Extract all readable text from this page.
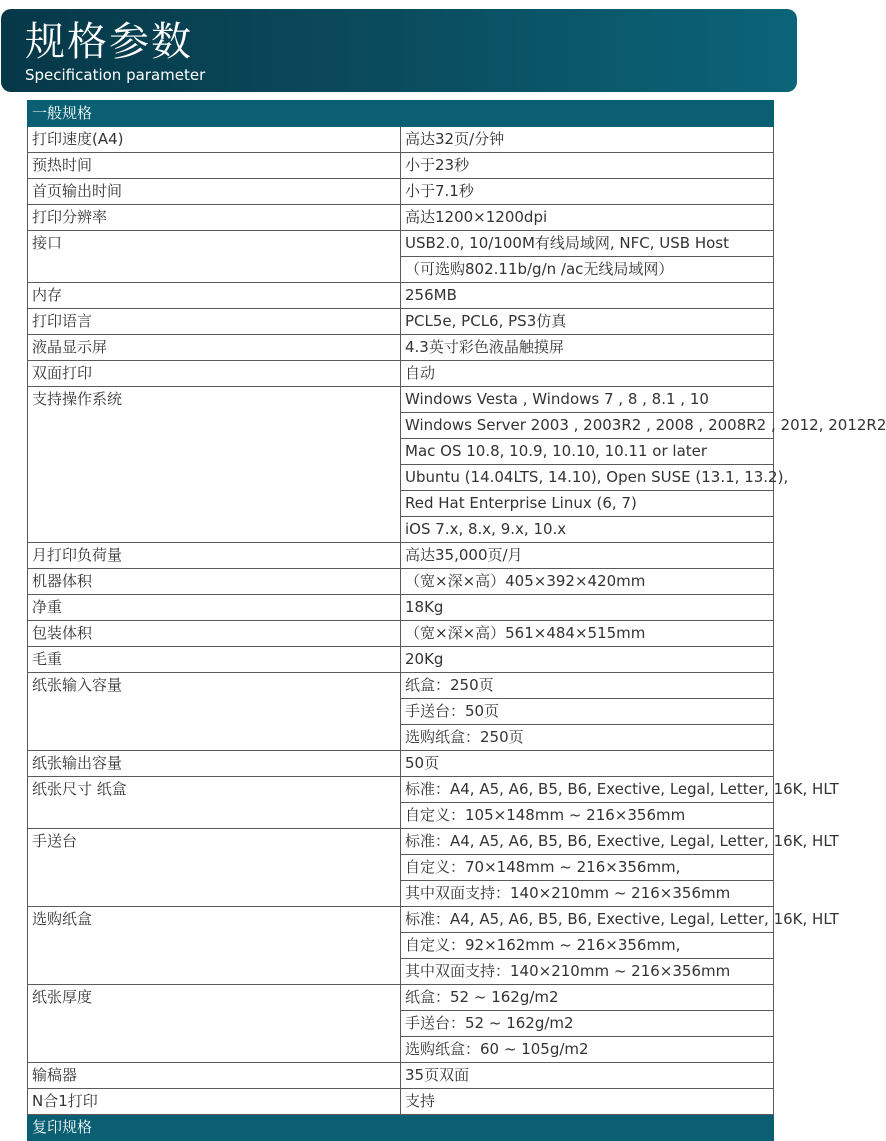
规格参数
Specification parameter
一般规格	
打印速度(A4)	高达32页/分钟
预热时间	小于23秒
首页输出时间	小于7.1秒
打印分辨率	高达1200×1200dpi
接口	USB2.0, 10/100M有线局域网, NFC, USB Host
	（可选购802.11b/g/n /ac无线局域网）
内存	256MB
打印语言	PCL5e, PCL6, PS3仿真
液晶显示屏	4.3英寸彩色液晶触摸屏
双面打印	自动
支持操作系统	Windows Vesta , Windows 7 , 8 , 8.1 , 10
	Windows Server 2003 , 2003R2 , 2008 , 2008R2 , 2012, 2012R2
	Mac OS 10.8, 10.9, 10.10, 10.11 or later
	Ubuntu (14.04LTS, 14.10), Open SUSE (13.1, 13.2),
	Red Hat Enterprise Linux (6, 7)
	iOS 7.x, 8.x, 9.x, 10.x
月打印负荷量	高达35,000页/月
机器体积	（宽×深×高）405×392×420mm
净重	18Kg
包装体积	（宽×深×高）561×484×515mm
毛重	20Kg
纸张输入容量	纸盒：250页
	手送台：50页
	选购纸盒：250页
纸张输出容量	50页
纸张尺寸 纸盒	标准：A4, A5, A6, B5, B6, Exective, Legal, Letter, 16K, HLT
	自定义：105×148mm ~ 216×356mm
手送台	标准：A4, A5, A6, B5, B6, Exective, Legal, Letter, 16K, HLT
	自定义：70×148mm ~ 216×356mm,
	其中双面支持：140×210mm ~ 216×356mm
选购纸盒	标准：A4, A5, A6, B5, B6, Exective, Legal, Letter, 16K, HLT
	自定义：92×162mm ~ 216×356mm,
	其中双面支持：140×210mm ~ 216×356mm
纸张厚度	纸盒：52 ~ 162g/m2
	手送台：52 ~ 162g/m2
	选购纸盒：60 ~ 105g/m2
输稿器	35页双面
N合1打印	支持
复印规格	
